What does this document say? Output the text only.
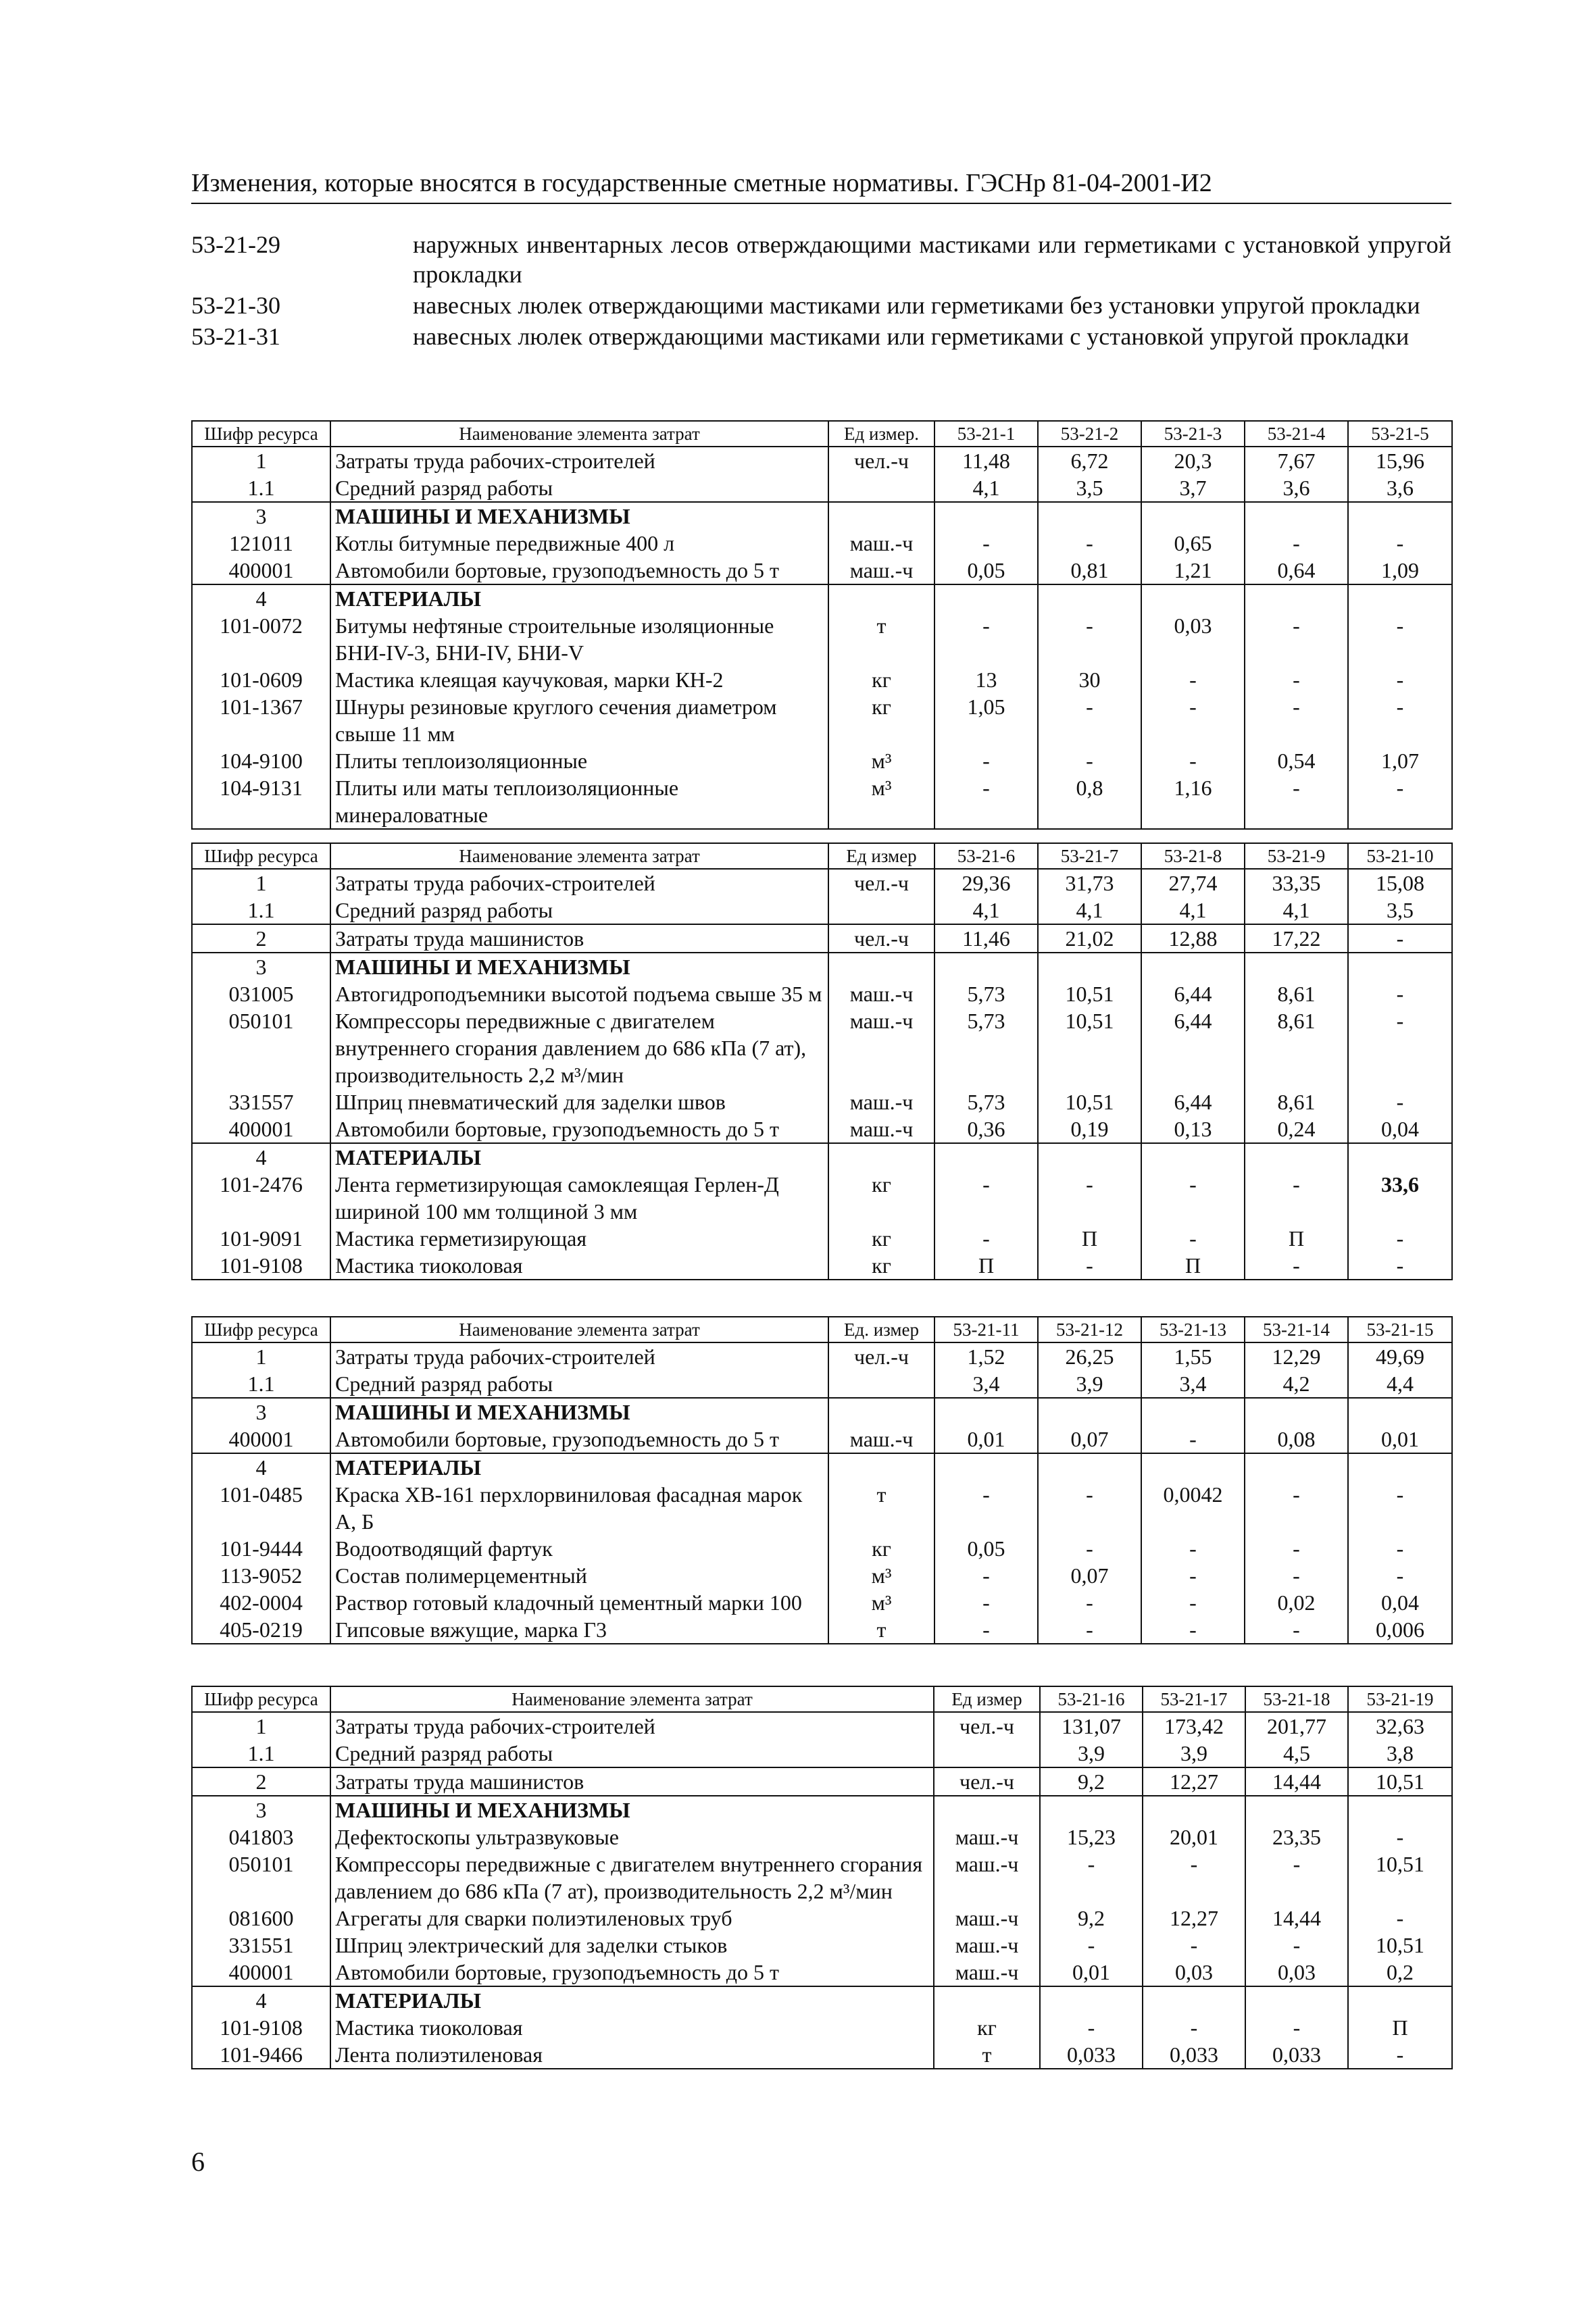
Изменения, которые вносятся в государственные сметные нормативы. ГЭСНр 81-04-2001-И2
53-21-29	наружных инвентарных лесов отверждающими мастиками или герметиками с установкой упругой прокладки
53-21-30	навесных люлек отверждающими мастиками или герметиками без установки упругой прокладки
53-21-31	навесных люлек отверждающими мастиками или герметиками с установкой упругой прокладки
Шифр ресурса	Наименование элемента затрат	Ед измер.	53-21-1	53-21-2	53-21-3	53-21-4	53-21-5
1	Затраты труда рабочих-строителей	чел.-ч	11,48	6,72	20,3	7,67	15,96
1.1	Средний разряд работы		4,1	3,5	3,7	3,6	3,6
3	МАШИНЫ И МЕХАНИЗМЫ						
121011	Котлы битумные передвижные 400 л	маш.-ч	-	-	0,65	-	-
400001	Автомобили бортовые, грузоподъемность до 5 т	маш.-ч	0,05	0,81	1,21	0,64	1,09
4	МАТЕРИАЛЫ						
101-0072	Битумы нефтяные строительные изоляционные БНИ-IV-3, БНИ-IV, БНИ-V	т	-	-	0,03	-	-
101-0609	Мастика клеящая каучуковая, марки КН-2	кг	13	30	-	-	-
101-1367	Шнуры резиновые круглого сечения диаметром свыше 11 мм	кг	1,05	-	-	-	-
104-9100	Плиты теплоизоляционные	м³	-	-	-	0,54	1,07
104-9131	Плиты или маты теплоизоляционные минераловатные	м³	-	0,8	1,16	-	-
Шифр ресурса	Наименование элемента затрат	Ед измер	53-21-6	53-21-7	53-21-8	53-21-9	53-21-10
1	Затраты труда рабочих-строителей	чел.-ч	29,36	31,73	27,74	33,35	15,08
1.1	Средний разряд работы		4,1	4,1	4,1	4,1	3,5
2	Затраты труда машинистов	чел.-ч	11,46	21,02	12,88	17,22	-
3	МАШИНЫ И МЕХАНИЗМЫ						
031005	Автогидроподъемники высотой подъема свыше 35 м	маш.-ч	5,73	10,51	6,44	8,61	-
050101	Компрессоры передвижные с двигателем внутреннего сгорания давлением до 686 кПа (7 ат), производительность 2,2 м³/мин	маш.-ч	5,73	10,51	6,44	8,61	-
331557	Шприц пневматический для заделки швов	маш.-ч	5,73	10,51	6,44	8,61	-
400001	Автомобили бортовые, грузоподъемность до 5 т	маш.-ч	0,36	0,19	0,13	0,24	0,04
4	МАТЕРИАЛЫ						
101-2476	Лента герметизирующая самоклеящая Герлен-Д шириной 100 мм толщиной 3 мм	кг	-	-	-	-	33,6
101-9091	Мастика герметизирующая	кг	-	П	-	П	-
101-9108	Мастика тиоколовая	кг	П	-	П	-	-
Шифр ресурса	Наименование элемента затрат	Ед. измер	53-21-11	53-21-12	53-21-13	53-21-14	53-21-15
1	Затраты труда рабочих-строителей	чел.-ч	1,52	26,25	1,55	12,29	49,69
1.1	Средний разряд работы		3,4	3,9	3,4	4,2	4,4
3	МАШИНЫ И МЕХАНИЗМЫ						
400001	Автомобили бортовые, грузоподъемность до 5 т	маш.-ч	0,01	0,07	-	0,08	0,01
4	МАТЕРИАЛЫ						
101-0485	Краска ХВ-161 перхлорвиниловая фасадная марок А, Б	т	-	-	0,0042	-	-
101-9444	Водоотводящий фартук	кг	0,05	-	-	-	-
113-9052	Состав полимерцементный	м³	-	0,07	-	-	-
402-0004	Раствор готовый кладочный цементный марки 100	м³	-	-	-	0,02	0,04
405-0219	Гипсовые вяжущие, марка Г3	т	-	-	-	-	0,006
Шифр ресурса	Наименование элемента затрат	Ед измер	53-21-16	53-21-17	53-21-18	53-21-19
1	Затраты труда рабочих-строителей	чел.-ч	131,07	173,42	201,77	32,63
1.1	Средний разряд работы		3,9	3,9	4,5	3,8
2	Затраты труда машинистов	чел.-ч	9,2	12,27	14,44	10,51
3	МАШИНЫ И МЕХАНИЗМЫ					
041803	Дефектоскопы ультразвуковые	маш.-ч	15,23	20,01	23,35	-
050101	Компрессоры передвижные с двигателем внутреннего сгорания давлением до 686 кПа (7 ат), производительность 2,2 м³/мин	маш.-ч	-	-	-	10,51
081600	Агрегаты для сварки полиэтиленовых труб	маш.-ч	9,2	12,27	14,44	-
331551	Шприц электрический для заделки стыков	маш.-ч	-	-	-	10,51
400001	Автомобили бортовые, грузоподъемность до 5 т	маш.-ч	0,01	0,03	0,03	0,2
4	МАТЕРИАЛЫ					
101-9108	Мастика тиоколовая	кг	-	-	-	П
101-9466	Лента полиэтиленовая	т	0,033	0,033	0,033	-
6
